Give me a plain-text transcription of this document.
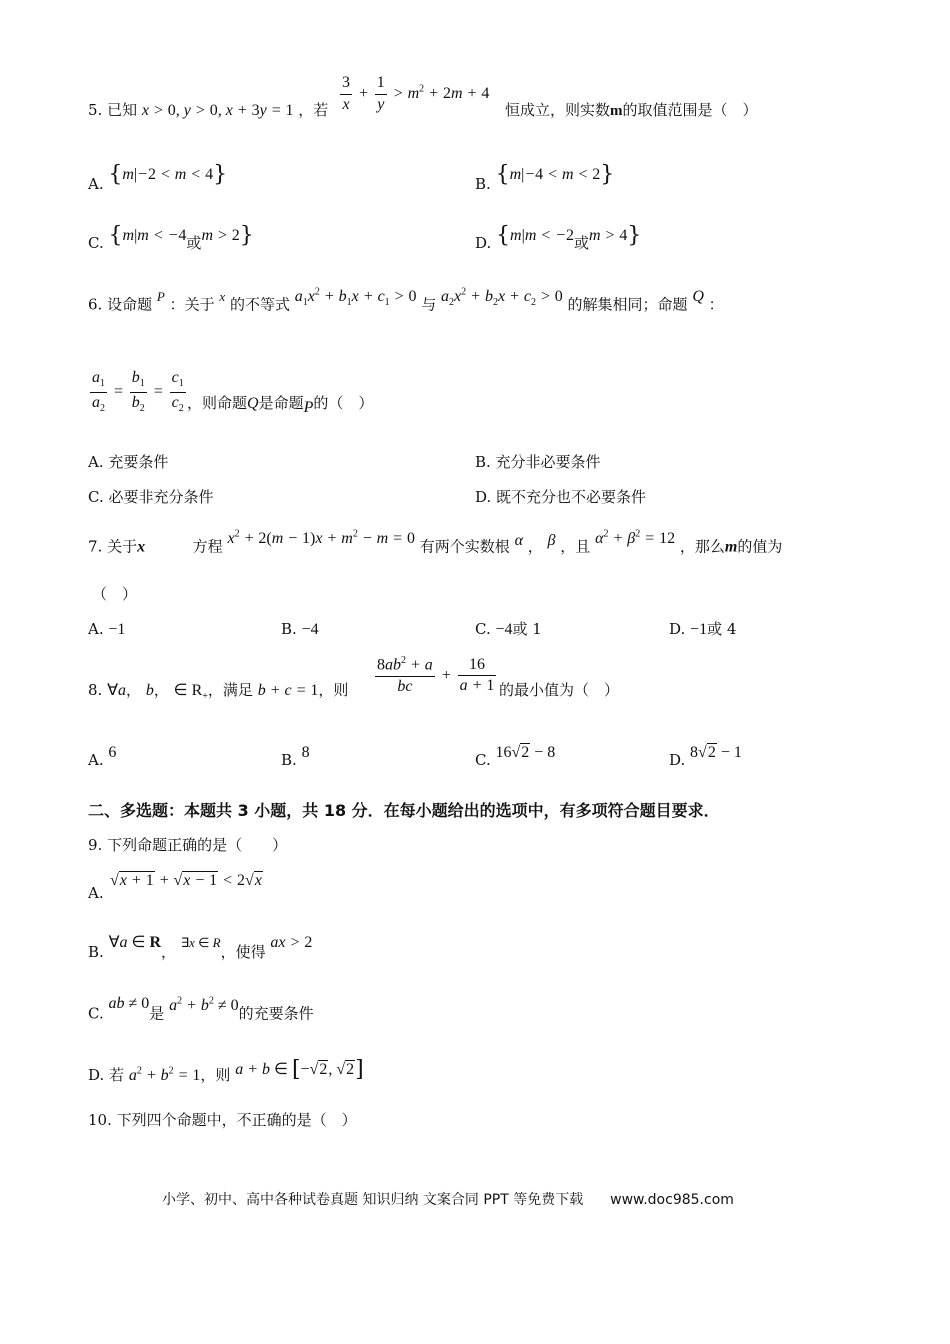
5. 已知 x > 0, y > 0, x + 3y = 1 ，若 $\frac{3}{x} + \frac{1}{y} > m^2 + 2m + 4$
恒成立，则实数m的取值范围是（　）
A. {m|−2 < m < 4}	B. {m|−4 < m < 2}
C. {m|m < −4或m > 2}	D. {m|m < −2或m > 4}
6. 设命题 P ：关于 x 的不等式 $a_1x^2 + b_1x + c_1 > 0$ 与 $a_2x^2 + b_2x + c_2 > 0$ 的解集相同；命题 Q ：
$\frac{a_1}{a_2} = \frac{b_1}{b_2} = \frac{c_1}{c_2}$ ，则命题Q是命题P的（　）
A. 充要条件	B. 充分非必要条件
C. 必要非充分条件	D. 既不充分也不必要条件
7. 关于x	方程 $x^2 + 2(m - 1)x + m^2 - m = 0$ 有两个实数根 α ， β ，且 $\alpha^2 + \beta^2 = 12$ ，那么m的值为
（　）
A. −1	B. −4	C. −4或 1	D. −1或 4
8. ∀a， b， ∈ $R_+$，满足 b + c = 1，则 $\frac{8ab^2 + a}{bc} + \frac{16}{a + 1}$ 的最小值为（　）
A. 6	B. 8	C. 16√2 − 8	D. 8√2 − 1
二、多选题：本题共 3 小题，共 18 分．在每小题给出的选项中，有多项符合题目要求．
9. 下列命题正确的是（　　）
A.
√x + 1 + √x − 1 < 2√x
B. ∀a ∈ R， ∃x ∈ R，使得 ax > 2
C. ab ≠ 0是 $a^2 + b^2 \ne 0$的充要条件
D. 若 $a^2 + b^2 = 1$，则 a + b ∈ [−√2, √2]
10. 下列四个命题中，不正确的是（　）
小学、初中、高中各种试卷真题 知识归纳 文案合同 PPT 等免费下载 www.doc985.com
